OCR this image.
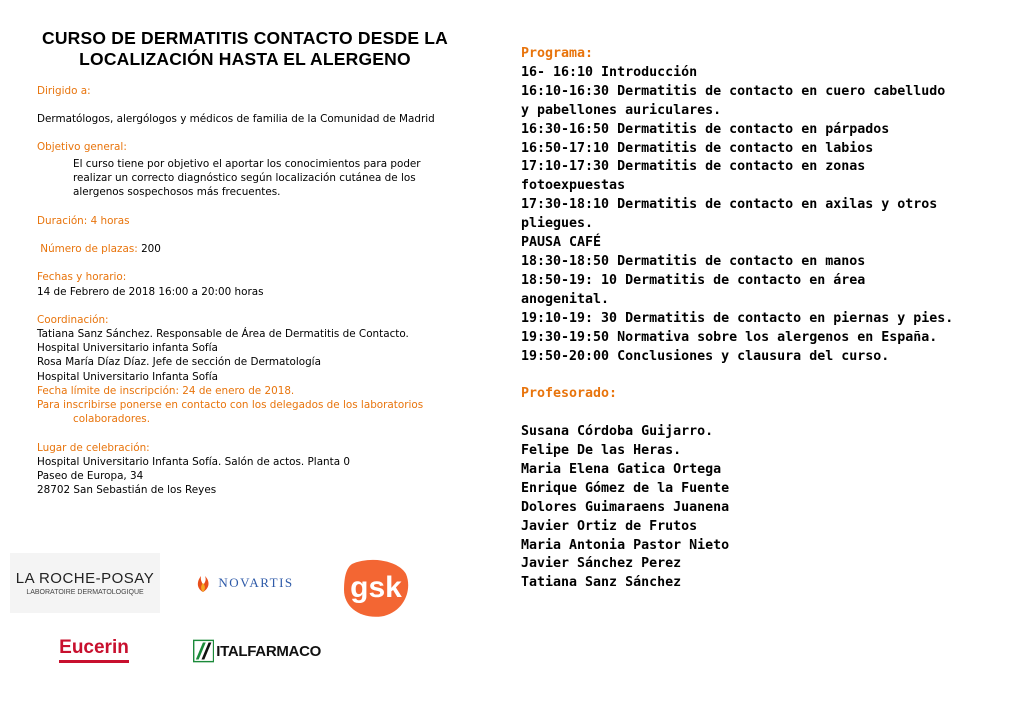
CURSO DE DERMATITIS CONTACTO DESDE LA
LOCALIZACIÓN HASTA EL ALERGENO
Dirigido a:
Dermatólogos, alergólogos y médicos de familia de la Comunidad de Madrid
Objetivo general:
El curso tiene por objetivo el aportar los conocimientos para poder
realizar un correcto diagnóstico según localización cutánea de los
alergenos sospechosos más frecuentes.
Duración: 4 horas
Número de plazas: 200
Fechas y horario:
14 de Febrero de 2018 16:00 a 20:00 horas
Coordinación:
Tatiana Sanz Sánchez. Responsable de Área de Dermatitis de Contacto.
Hospital Universitario infanta Sofía
Rosa María Díaz Díaz. Jefe de sección de Dermatología
Hospital Universitario Infanta Sofía
Fecha límite de inscripción: 24 de enero de 2018.
Para inscribirse ponerse en contacto con los delegados de los laboratorios
colaboradores.
Lugar de celebración:
Hospital Universitario Infanta Sofía. Salón de actos. Planta 0
Paseo de Europa, 34
28702 San Sebastián de los Reyes
Programa:
16- 16:10 Introducción
16:10-16:30 Dermatitis de contacto en cuero cabelludo
y pabellones auriculares.
16:30-16:50 Dermatitis de contacto en párpados
16:50-17:10 Dermatitis de contacto en labios
17:10-17:30 Dermatitis de contacto en zonas
fotoexpuestas
17:30-18:10 Dermatitis de contacto en axilas y otros
pliegues.
PAUSA CAFÉ
18:30-18:50 Dermatitis de contacto en manos
18:50-19: 10 Dermatitis de contacto en área
anogenital.
19:10-19: 30 Dermatitis de contacto en piernas y pies.
19:30-19:50 Normativa sobre los alergenos en España.
19:50-20:00 Conclusiones y clausura del curso.
Profesorado:
Susana Córdoba Guijarro.
Felipe De las Heras.
Maria Elena Gatica Ortega
Enrique Gómez de la Fuente
Dolores Guimaraens Juanena
Javier Ortiz de Frutos
Maria Antonia Pastor Nieto
Javier Sánchez Perez
Tatiana Sanz Sánchez
LA ROCHE-POSAY
LABORATOIRE DERMATOLOGIQUE
NOVARTIS gsk
Eucerin	ITALFARMACO
